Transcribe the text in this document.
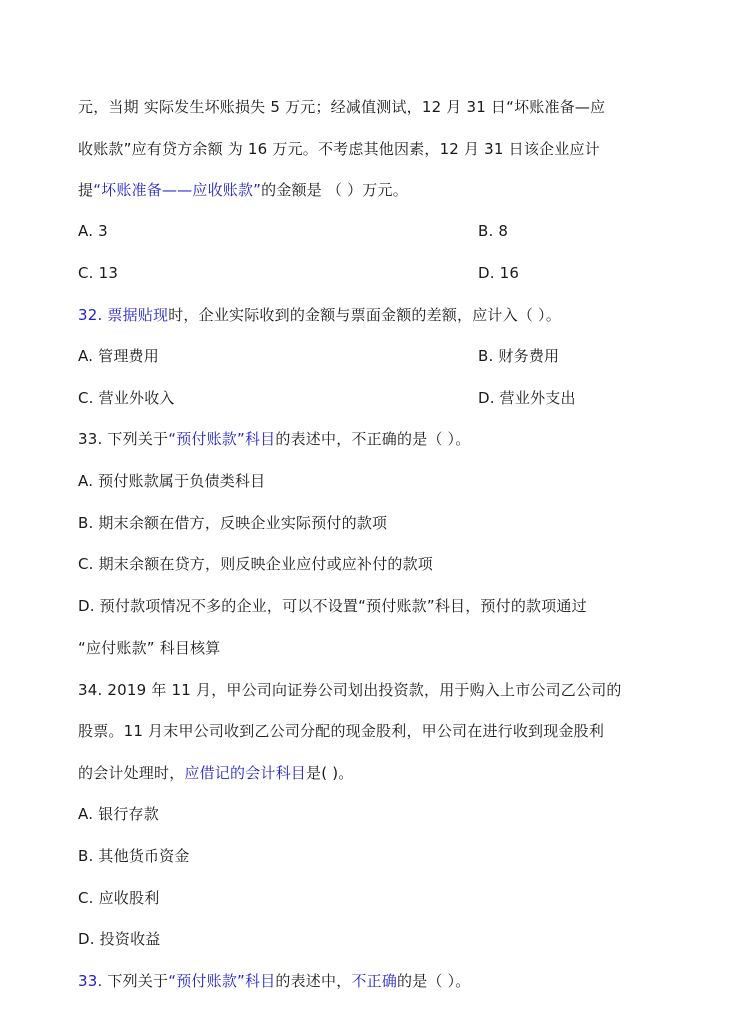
元，当期 实际发生坏账损失 5 万元；经减值测试，12 月 31 日“坏账准备—应
收账款”应有贷方余额 为 16 万元。不考虑其他因素，12 月 31 日该企业应计
提“坏账准备——应收账款”的金额是 （ ）万元。
A. 3	B. 8
C. 13	D. 16
32. 票据贴现时，企业实际收到的金额与票面金额的差额，应计入（ ）。
A. 管理费用	B. 财务费用
C. 营业外收入	D. 营业外支出
33. 下列关于“预付账款”科目的表述中，不正确的是（ ）。
A. 预付账款属于负债类科目
B. 期末余额在借方，反映企业实际预付的款项
C. 期末余额在贷方，则反映企业应付或应补付的款项
D. 预付款项情况不多的企业，可以不设置“预付账款”科目，预付的款项通过
“应付账款” 科目核算
34. 2019 年 11 月，甲公司向证券公司划出投资款，用于购入上市公司乙公司的
股票。11 月末甲公司收到乙公司分配的现金股利，甲公司在进行收到现金股利
的会计处理时，应借记的会计科目是( )。
A. 银行存款
B. 其他货币资金
C. 应收股利
D. 投资收益
33. 下列关于“预付账款”科目的表述中，不正确的是（ ）。
